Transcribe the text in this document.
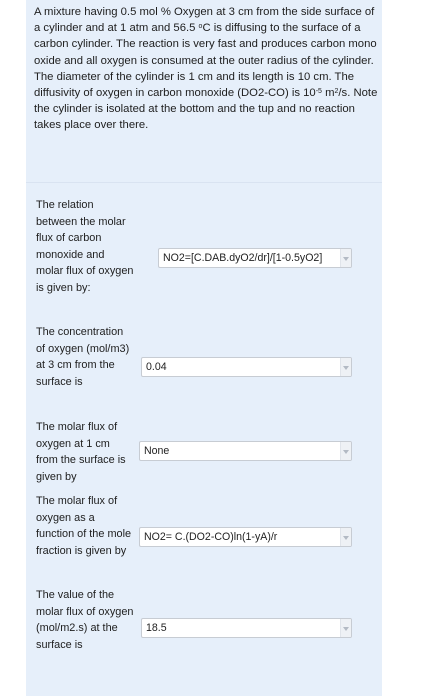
A mixture having 0.5 mol % Oxygen at 3 cm from the side surface of a cylinder and at 1 atm and 56.5 $^o$C is diffusing to the surface of a carbon cylinder. The reaction is very fast and produces carbon mono oxide and all oxygen is consumed at the outer radius of the cylinder. The diameter of the cylinder is 1 cm and its length is 10 cm. The diffusivity of oxygen in carbon monoxide (DO2-CO) is $10^{-5}$ $m^2/s$. Note the cylinder is isolated at the bottom and the tup and no reaction takes place over there.
The relation between the molar flux of carbon monoxide and molar flux of oxygen is given by:
NO2=[C.DAB.dyO2/dr]/[1-0.5yO2]
The concentration of oxygen (mol/m3) at 3 cm from the surface is
0.04
The molar flux of oxygen at 1 cm from the surface is given by
None
The molar flux of oxygen as a function of the mole fraction is given by
NO2= C.(DO2-CO)ln(1-yA)/r
The value of the molar flux of oxygen (mol/m2.s) at the surface is
18.5
